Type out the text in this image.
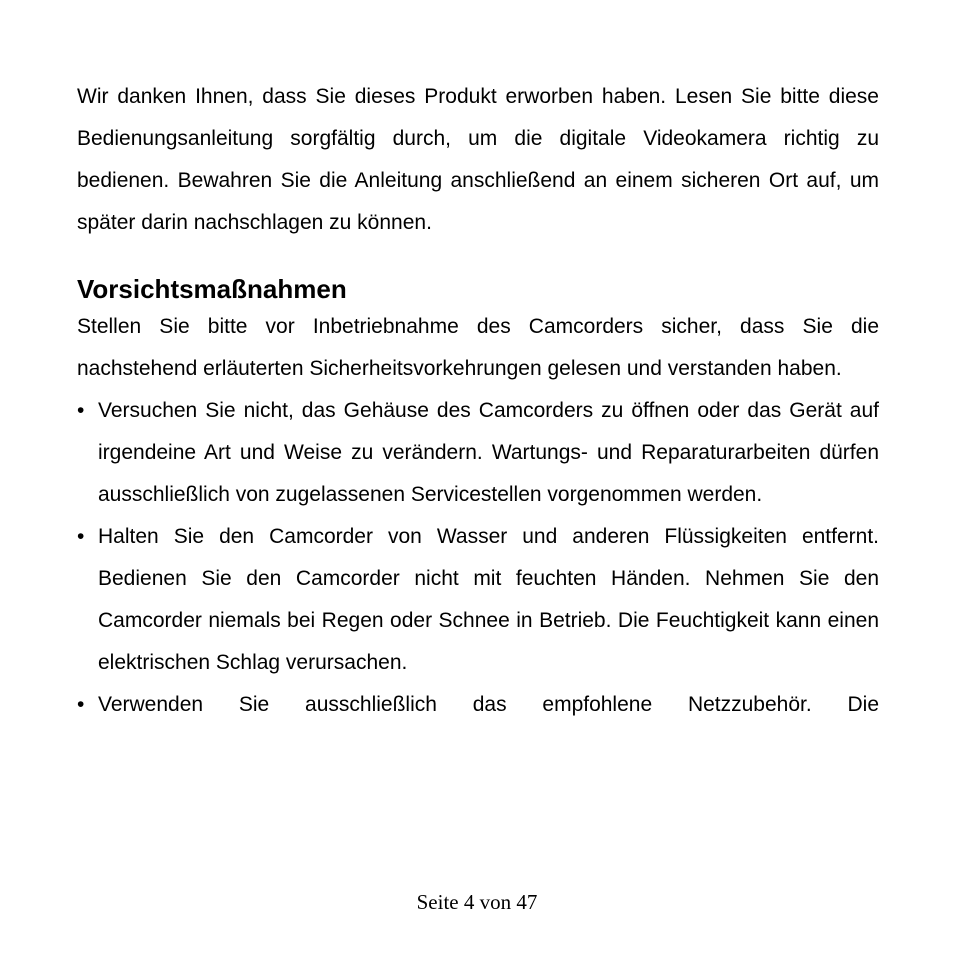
Wir danken Ihnen, dass Sie dieses Produkt erworben haben. Lesen Sie bitte diese Bedienungsanleitung sorgfältig durch, um die digitale Videokamera richtig zu bedienen. Bewahren Sie die Anleitung anschließend an einem sicheren Ort auf, um später darin nachschlagen zu können.

Vorsichtsmaßnahmen

Stellen Sie bitte vor Inbetriebnahme des Camcorders sicher, dass Sie die nachstehend erläuterten Sicherheitsvorkehrungen gelesen und verstanden haben.

• Versuchen Sie nicht, das Gehäuse des Camcorders zu öffnen oder das Gerät auf irgendeine Art und Weise zu verändern. Wartungs- und Reparaturarbeiten dürfen ausschließlich von zugelassenen Servicestellen vorgenommen werden.
• Halten Sie den Camcorder von Wasser und anderen Flüssigkeiten entfernt. Bedienen Sie den Camcorder nicht mit feuchten Händen. Nehmen Sie den Camcorder niemals bei Regen oder Schnee in Betrieb. Die Feuchtigkeit kann einen elektrischen Schlag verursachen.
• Verwenden Sie ausschließlich das empfohlene Netzzubehör. Die
Seite 4 von 47
